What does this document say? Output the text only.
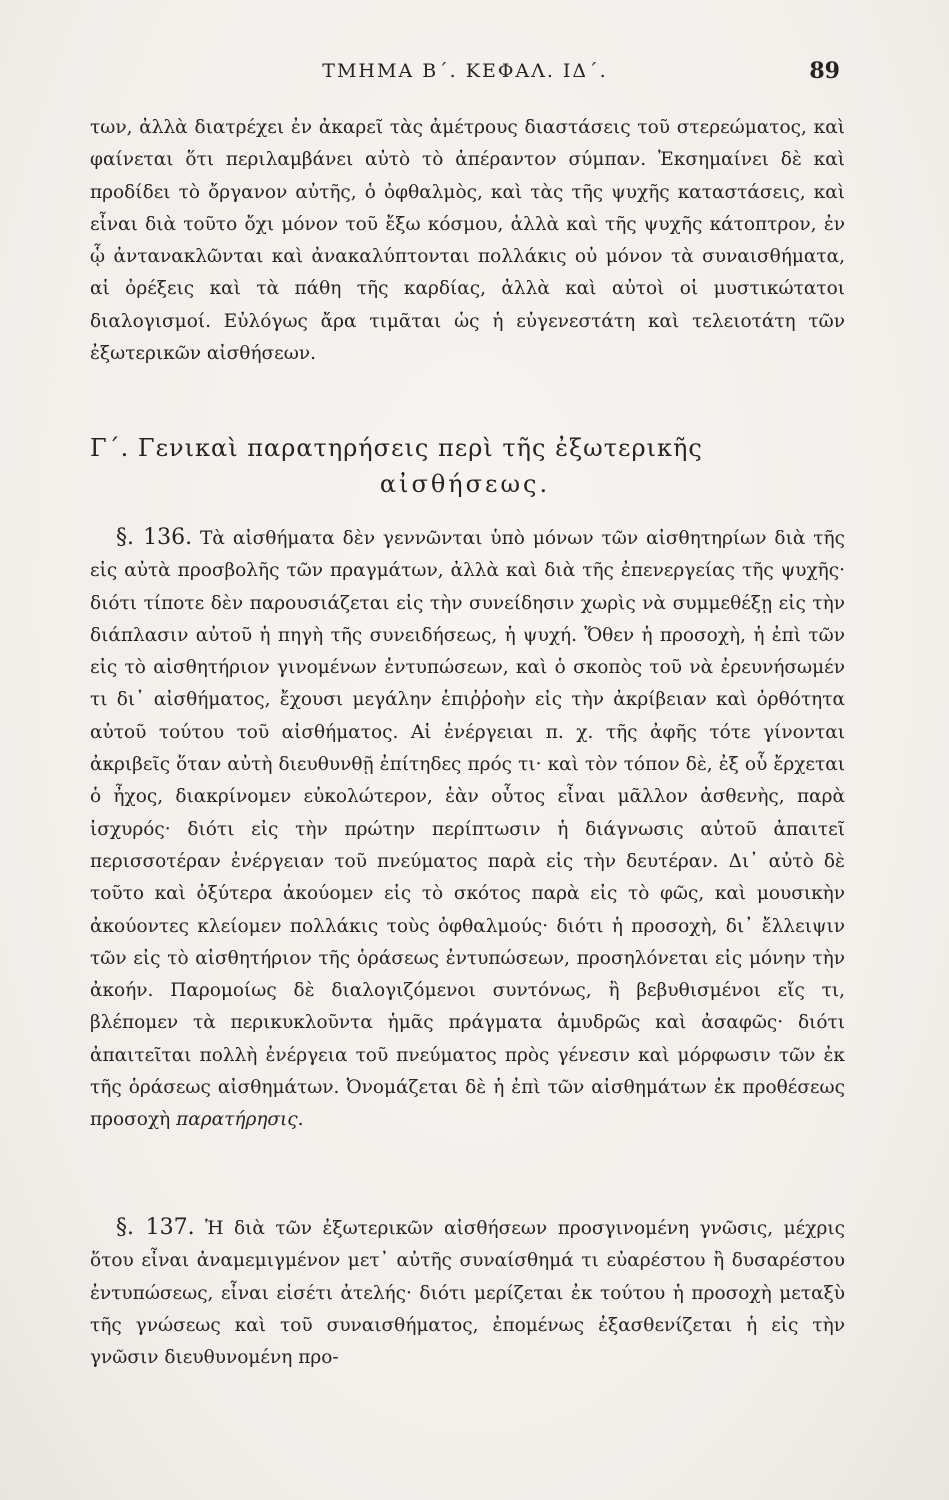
ΤΜΗΜΑ Β΄. ΚΕΦΑΛ. ΙΔ΄.	89

των, ἀλλὰ διατρέχει ἐν ἀκαρεῖ τὰς ἀμέτρους διαστάσεις τοῦ στερεώματος, καὶ φαίνεται ὅτι περιλαμβάνει αὐτὸ τὸ ἀπέραντον σύμπαν. Ἐκσημαίνει δὲ καὶ προδίδει τὸ ὄργανον αὐτῆς, ὁ ὀφθαλμὸς, καὶ τὰς τῆς ψυχῆς καταστάσεις, καὶ εἶναι διὰ τοῦτο ὄχι μόνον τοῦ ἔξω κόσμου, ἀλλὰ καὶ τῆς ψυχῆς κάτοπτρον, ἐν ᾧ ἀντανακλῶνται καὶ ἀνακαλύπτονται πολλάκις οὐ μόνον τὰ συναισθήματα, αἱ ὀρέξεις καὶ τὰ πάθη τῆς καρδίας, ἀλλὰ καὶ αὐτοὶ οἱ μυστικώτατοι διαλογισμοί. Εὐλόγως ἄρα τιμᾶται ὡς ἡ εὐγενεστάτη καὶ τελειοτάτη τῶν ἐξωτερικῶν αἰσθήσεων.

Γ΄. Γενικαὶ παρατηρήσεις περὶ τῆς ἐξωτερικῆς
αἰσθήσεως.

§. 136. Τὰ αἰσθήματα δὲν γεννῶνται ὑπὸ μόνων τῶν αἰσθητηρίων διὰ τῆς εἰς αὐτὰ προσβολῆς τῶν πραγμάτων, ἀλλὰ καὶ διὰ τῆς ἐπενεργείας τῆς ψυχῆς· διότι τίποτε δὲν παρουσιάζεται εἰς τὴν συνείδησιν χωρὶς νὰ συμμεθέξῃ εἰς τὴν διάπλασιν αὐτοῦ ἡ πηγὴ τῆς συνειδήσεως, ἡ ψυχή. Ὅθεν ἡ προσοχὴ, ἡ ἐπὶ τῶν εἰς τὸ αἰσθητήριον γινομένων ἐντυπώσεων, καὶ ὁ σκοπὸς τοῦ νὰ ἐρευνήσωμέν τι δι᾽ αἰσθήματος, ἔχουσι μεγάλην ἐπιῤῥοὴν εἰς τὴν ἀκρίβειαν καὶ ὀρθότητα αὐτοῦ τούτου τοῦ αἰσθήματος. Αἱ ἐνέργειαι π. χ. τῆς ἀφῆς τότε γίνονται ἀκριβεῖς ὅταν αὐτὴ διευθυνθῇ ἐπίτηδες πρός τι· καὶ τὸν τόπον δὲ, ἐξ οὗ ἔρχεται ὁ ἦχος, διακρίνομεν εὐκολώτερον, ἐὰν οὗτος εἶναι μᾶλλον ἀσθενὴς, παρὰ ἰσχυρός· διότι εἰς τὴν πρώτην περίπτωσιν ἡ διάγνωσις αὐτοῦ ἀπαιτεῖ περισσοτέραν ἐνέργειαν τοῦ πνεύματος παρὰ εἰς τὴν δευτέραν. Δι᾽ αὐτὸ δὲ τοῦτο καὶ ὀξύτερα ἀκούομεν εἰς τὸ σκότος παρὰ εἰς τὸ φῶς, καὶ μουσικὴν ἀκούοντες κλείομεν πολλάκις τοὺς ὀφθαλμούς· διότι ἡ προσοχὴ, δι᾽ ἔλλειψιν τῶν εἰς τὸ αἰσθητήριον τῆς ὁράσεως ἐντυπώσεων, προσηλόνεται εἰς μόνην τὴν ἀκοήν. Παρομοίως δὲ διαλογιζόμενοι συντόνως, ἢ βεβυθισμένοι εἴς τι, βλέπομεν τὰ περικυκλοῦντα ἡμᾶς πράγματα ἀμυδρῶς καὶ ἀσαφῶς· διότι ἀπαιτεῖται πολλὴ ἐνέργεια τοῦ πνεύματος πρὸς γένεσιν καὶ μόρφωσιν τῶν ἐκ τῆς ὁράσεως αἰσθημάτων. Ὀνομάζεται δὲ ἡ ἐπὶ τῶν αἰσθημάτων ἐκ προθέσεως προσοχὴ παρατήρησις.

§. 137. Ἡ διὰ τῶν ἐξωτερικῶν αἰσθήσεων προσγινομένη γνῶσις, μέχρις ὅτου εἶναι ἀναμεμιγμένον μετ᾽ αὐτῆς συναίσθημά τι εὐαρέστου ἢ δυσαρέστου ἐντυπώσεως, εἶναι εἰσέτι ἀτελής· διότι μερίζεται ἐκ τούτου ἡ προσοχὴ μεταξὺ τῆς γνώσεως καὶ τοῦ συναισθήματος, ἐπομένως ἐξασθενίζεται ἡ εἰς τὴν γνῶσιν διευθυνομένη προ-
